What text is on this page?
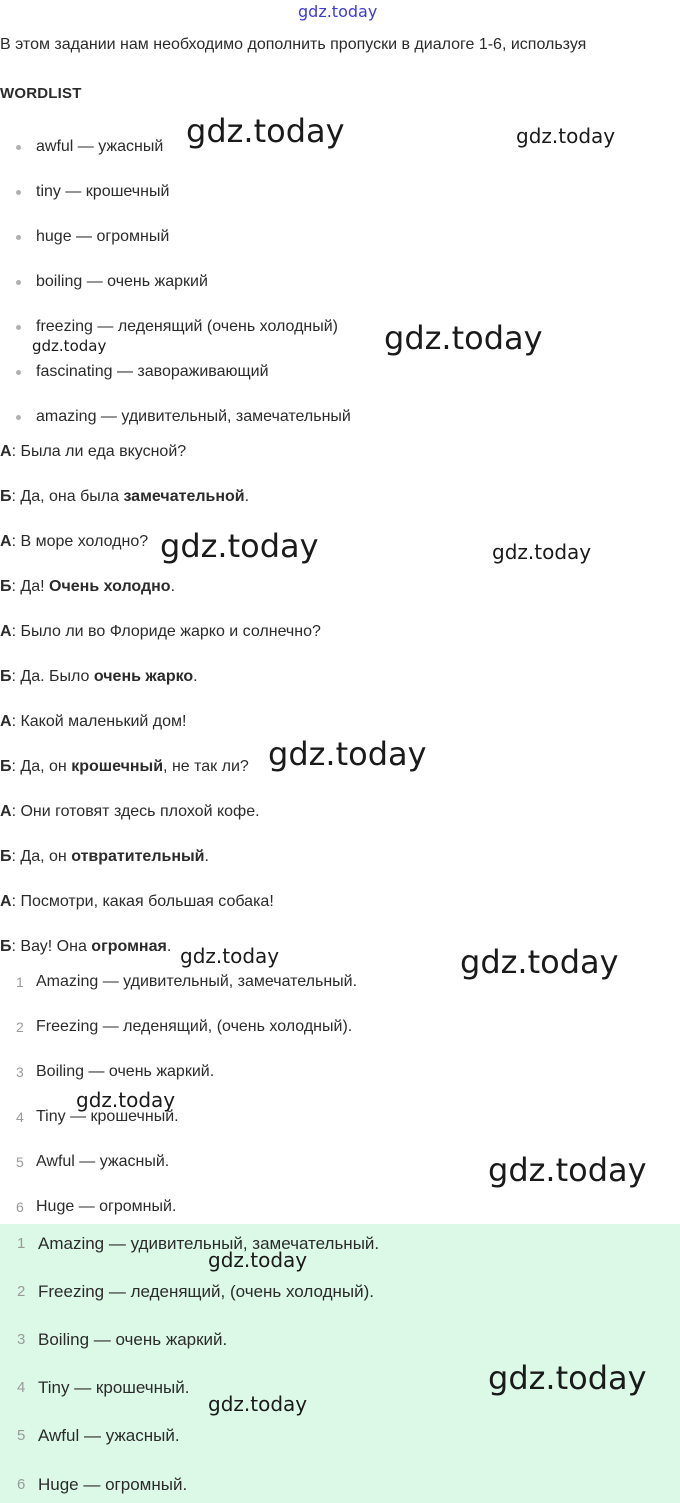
gdz.today
В этом задании нам необходимо дополнить пропуски в диалоге 1-6, используя
WORDLIST
awful — ужасный
tiny — крошечный
huge — огромный
boiling — очень жаркий
freezing — леденящий (очень холодный)
fascinating — завораживающий
amazing — удивительный, замечательный
А: Была ли еда вкусной?
Б: Да, она была замечательной.
А: В море холодно?
Б: Да! Очень холодно.
А: Было ли во Флориде жарко и солнечно?
Б: Да. Было очень жарко.
А: Какой маленький дом!
Б: Да, он крошечный, не так ли?
А: Они готовят здесь плохой кофе.
Б: Да, он отвратительный.
А: Посмотри, какая большая собака!
Б: Вау! Она огромная.
1 Amazing — удивительный, замечательный.
2 Freezing — леденящий, (очень холодный).
3 Boiling — очень жаркий.
4 Tiny — крошечный.
5 Awful — ужасный.
6 Huge — огромный.
1 Amazing — удивительный, замечательный.
2 Freezing — леденящий, (очень холодный).
3 Boiling — очень жаркий.
4 Tiny — крошечный.
5 Awful — ужасный.
6 Huge — огромный.
gdz.today	gdz.today
gdz.today
gdz.today
gdz.today	gdz.today
gdz.today
gdz.today	gdz.today
gdz.today
gdz.today
gdz.today
gdz.today
gdz.today
